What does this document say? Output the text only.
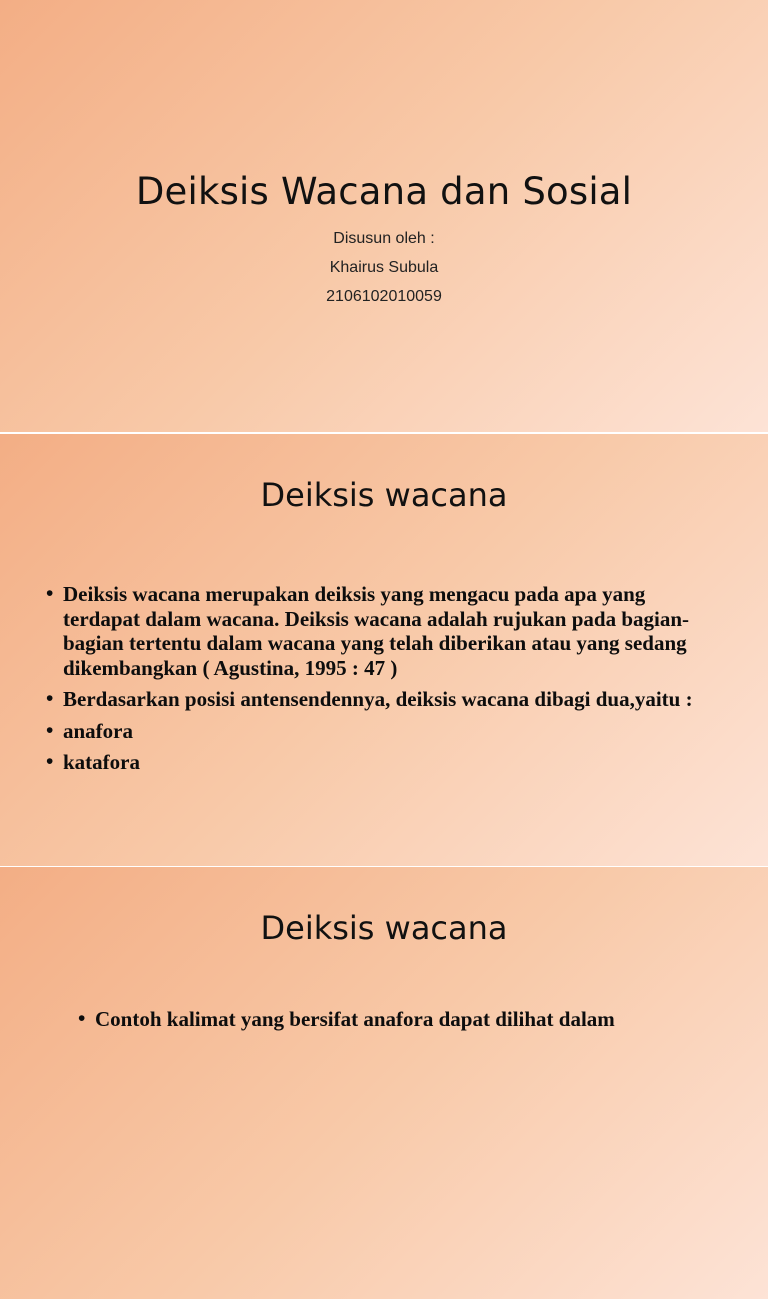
Deiksis Wacana dan Sosial
Disusun oleh :
Khairus Subula
2106102010059
Deiksis wacana
• Deiksis wacana merupakan deiksis yang mengacu pada apa yang terdapat dalam wacana. Deiksis wacana adalah rujukan pada bagian-bagian tertentu dalam wacana yang telah diberikan atau yang sedang dikembangkan ( Agustina, 1995 : 47 )
• Berdasarkan posisi antensendennya, deiksis wacana dibagi dua,yaitu :
• anafora
• katafora
Deiksis wacana
• Contoh kalimat yang bersifat anafora dapat dilihat dalam
